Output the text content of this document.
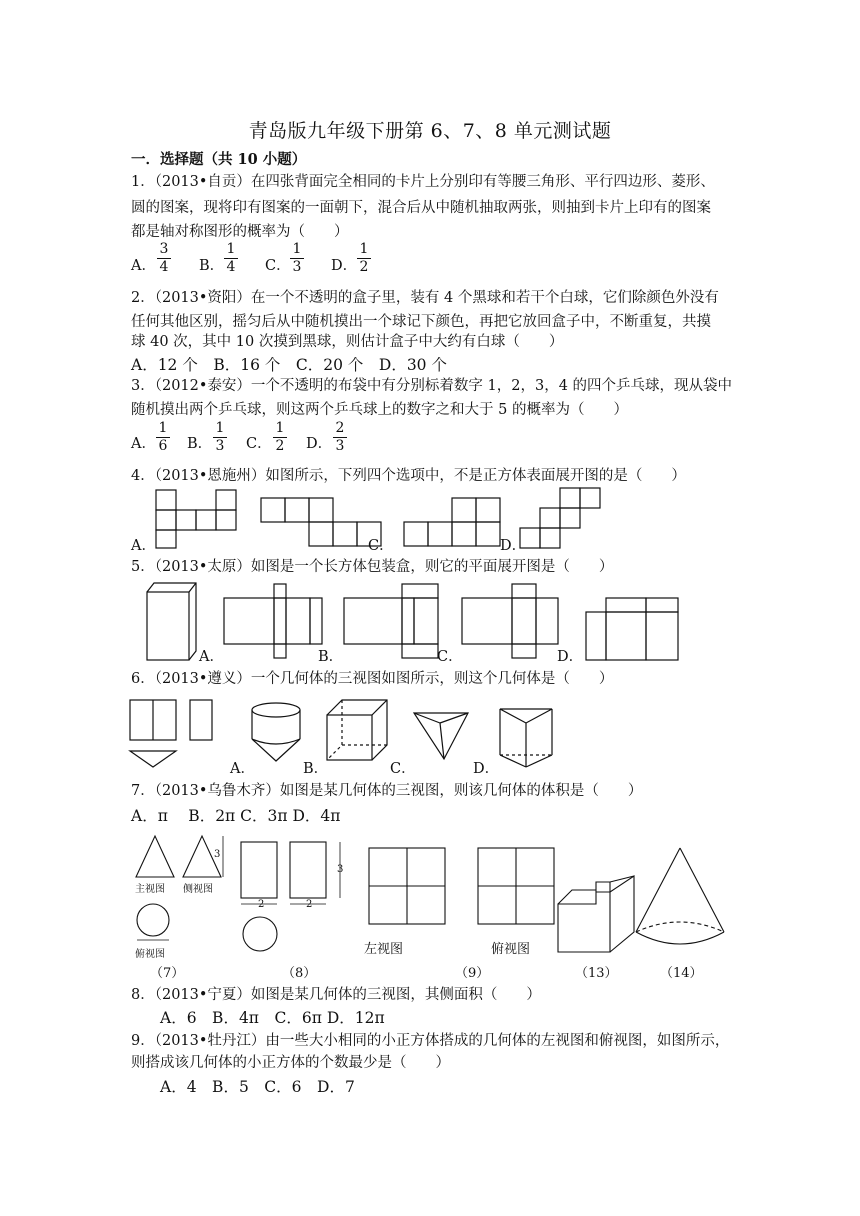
青岛版九年级下册第 6、7、8 单元测试题
一．选择题（共 10 小题）
1．（2013•自贡）在四张背面完全相同的卡片上分别印有等腰三角形、平行四边形、菱形、
圆的图案，现将印有图案的一面朝下，混合后从中随机抽取两张，则抽到卡片上印有的图案
都是轴对称图形的概率为（　　）
A．
3
4 B．
1
4 C．
1
3 D．
1
2
2．（2013•资阳）在一个不透明的盒子里，装有 4 个黑球和若干个白球，它们除颜色外没有
任何其他区别，摇匀后从中随机摸出一个球记下颜色，再把它放回盒子中，不断重复，共摸
球 40 次，其中 10 次摸到黑球，则估计盒子中大约有白球（　　）
A．12 个　B．16 个　C．20 个　D．30 个
3．（2012•泰安）一个不透明的布袋中有分别标着数字 1，2，3，4 的四个乒乓球，现从袋中
随机摸出两个乒乓球，则这两个乒乓球上的数字之和大于 5 的概率为（　　）
A．
1
6 B．
1
3 C．
1
2 D．
2
3
4．（2013•恩施州）如图所示，下列四个选项中，不是正方体表面展开图的是（　　）
A．	C．	D．
5．（2013•太原）如图是一个长方体包装盒，则它的平面展开图是（　　）
A．	B．	C．	D．
6．（2013•遵义）一个几何体的三视图如图所示，则这个几何体是（　　）
A．	B．	C．	D．
7．（2013•乌鲁木齐）如图是某几何体的三视图，则该几何体的体积是（　　）
A．π　 B．2π C．3π D．4π
主视图 侧视图
俯视图
3
3
2	2
左视图	俯视图
（7）	（8）	（9）	（13）	（14）
8．（2013•宁夏）如图是某几何体的三视图，其侧面积（　　）
A．6　B．4π　C．6π D．12π
9．（2013•牡丹江）由一些大小相同的小正方体搭成的几何体的左视图和俯视图，如图所示，
则搭成该几何体的小正方体的个数最少是（　　）
A．4　B．5　C．6　D．7
